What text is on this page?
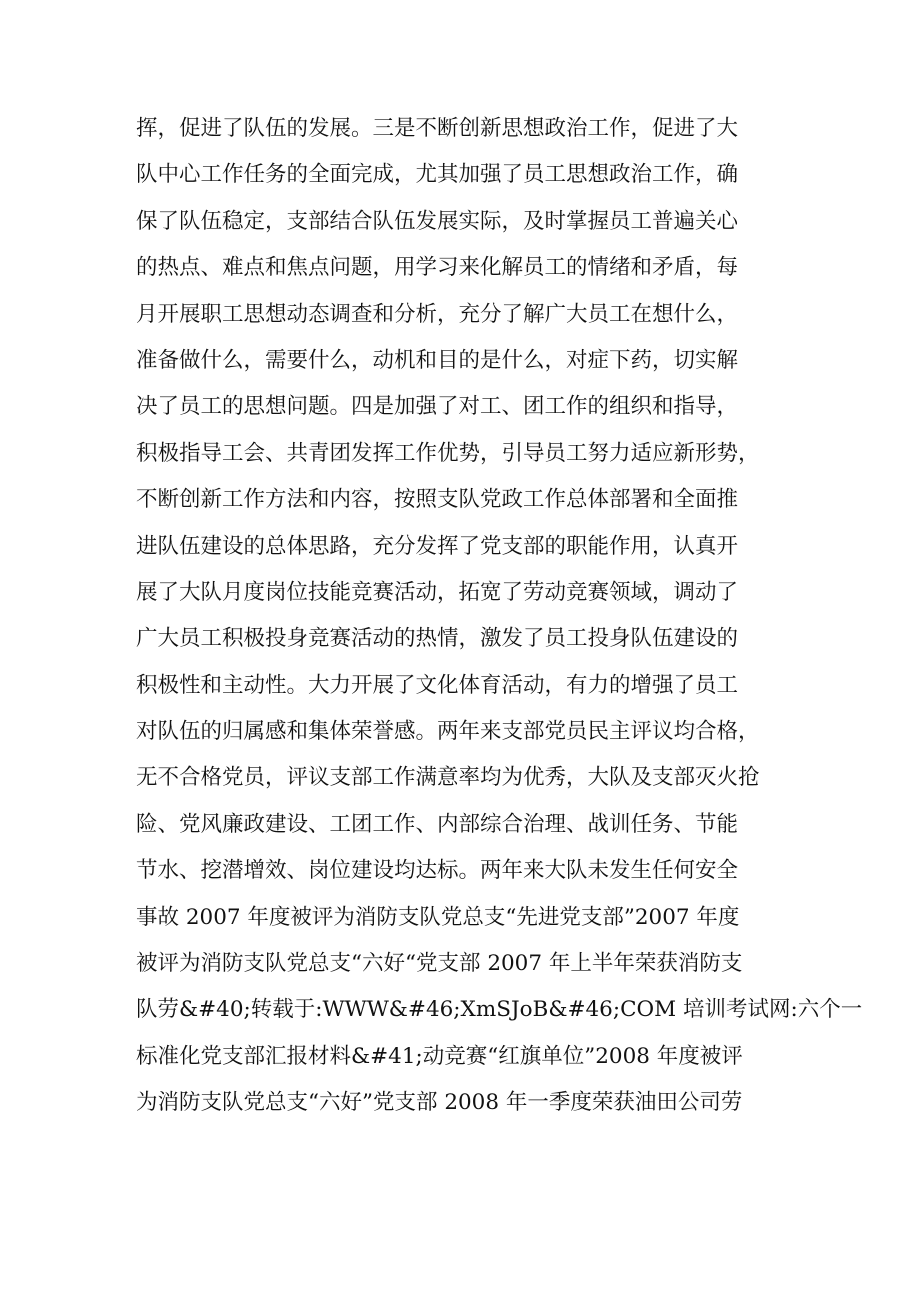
挥，促进了队伍的发展。三是不断创新思想政治工作，促进了大
队中心工作任务的全面完成，尤其加强了员工思想政治工作，确
保了队伍稳定，支部结合队伍发展实际，及时掌握员工普遍关心
的热点、难点和焦点问题，用学习来化解员工的情绪和矛盾，每
月开展职工思想动态调查和分析，充分了解广大员工在想什么，
准备做什么，需要什么，动机和目的是什么，对症下药，切实解
决了员工的思想问题。四是加强了对工、团工作的组织和指导，
积极指导工会、共青团发挥工作优势，引导员工努力适应新形势，
不断创新工作方法和内容，按照支队党政工作总体部署和全面推
进队伍建设的总体思路，充分发挥了党支部的职能作用，认真开
展了大队月度岗位技能竞赛活动，拓宽了劳动竞赛领域，调动了
广大员工积极投身竞赛活动的热情，激发了员工投身队伍建设的
积极性和主动性。大力开展了文化体育活动，有力的增强了员工
对队伍的归属感和集体荣誉感。两年来支部党员民主评议均合格，
无不合格党员，评议支部工作满意率均为优秀，大队及支部灭火抢
险、党风廉政建设、工团工作、内部综合治理、战训任务、节能
节水、挖潜增效、岗位建设均达标。两年来大队未发生任何安全
事故 2007 年度被评为消防支队党总支“先进党支部”2007 年度
被评为消防支队党总支“六好“党支部 2007 年上半年荣获消防支
队劳&#40;转载于:WWW&#46;XmSJoB&#46;COM 培训考试网:六个一
标准化党支部汇报材料&#41;动竞赛“红旗单位”2008 年度被评
为消防支队党总支“六好”党支部 2008 年一季度荣获油田公司劳
